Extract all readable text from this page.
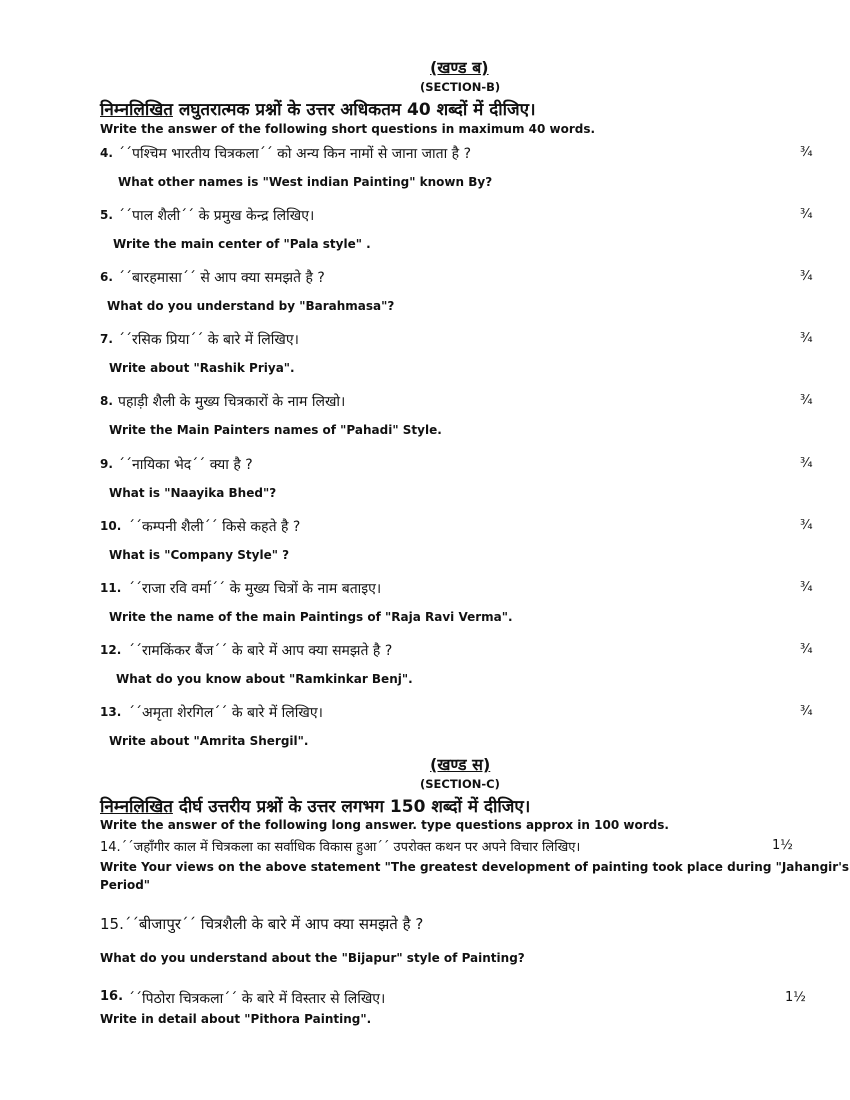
(खण्ड ब)
(SECTION-B)
निम्नलिखित लघुतरात्मक प्रश्नों के उत्तर अधिकतम 40 शब्दों में दीजिए।
Write the answer of the following short questions in maximum 40 words.
4. ´´पश्चिम भारतीय चित्रकला´´ को अन्य किन नामों से जाना जाता है ?	¾
What other names is "West indian Painting" known By?
5. ´´पाल शैली´´ के प्रमुख केन्द्र लिखिए।	¾
Write the main center of "Pala style" .
6. ´´बारहमासा´´ से आप क्या समझते है ?	¾
What do you understand by "Barahmasa"?
7. ´´रसिक प्रिया´´ के बारे में लिखिए।	¾
Write about "Rashik Priya".
8. पहाड़ी शैली के मुख्य चित्रकारों के नाम लिखो।	¾
Write the Main Painters names of "Pahadi" Style.
9. ´´नायिका भेद´´ क्या है ?	¾
What is "Naayika Bhed"?
10. ´´कम्पनी शैली´´ किसे कहते है ?	¾
What is "Company Style" ?
11. ´´राजा रवि वर्मा´´ के मुख्य चित्रों के नाम बताइए।	¾
Write the name of the main Paintings of "Raja Ravi Verma".
12. ´´रामकिंकर बैंज´´ के बारे में आप क्या समझते है ?	¾
What do you know about "Ramkinkar Benj".
13. ´´अमृता शेरगिल´´ के बारे में लिखिए।	¾
Write about "Amrita Shergil".
(खण्ड स)
(SECTION-C)
निम्नलिखित दीर्घ उत्तरीय प्रश्नों के उत्तर लगभग 150 शब्दों में दीजिए।
Write the answer of the following long answer. type questions approx in 100 words.
14.´´जहाँगीर काल में चित्रकला का सर्वाधिक विकास हुआ´´ उपरोक्त कथन पर अपने विचार लिखिए।	1½
Write Your views on the above statement "The greatest development of painting took place during "Jahangir's
Period"
15.´´बीजापुर´´ चित्रशैली के बारे में आप क्या समझते है ?
What do you understand about the "Bijapur" style of Painting?
16. ´´पिठोरा चित्रकला´´ के बारे में विस्तार से लिखिए।	1½
Write in detail about "Pithora Painting".
